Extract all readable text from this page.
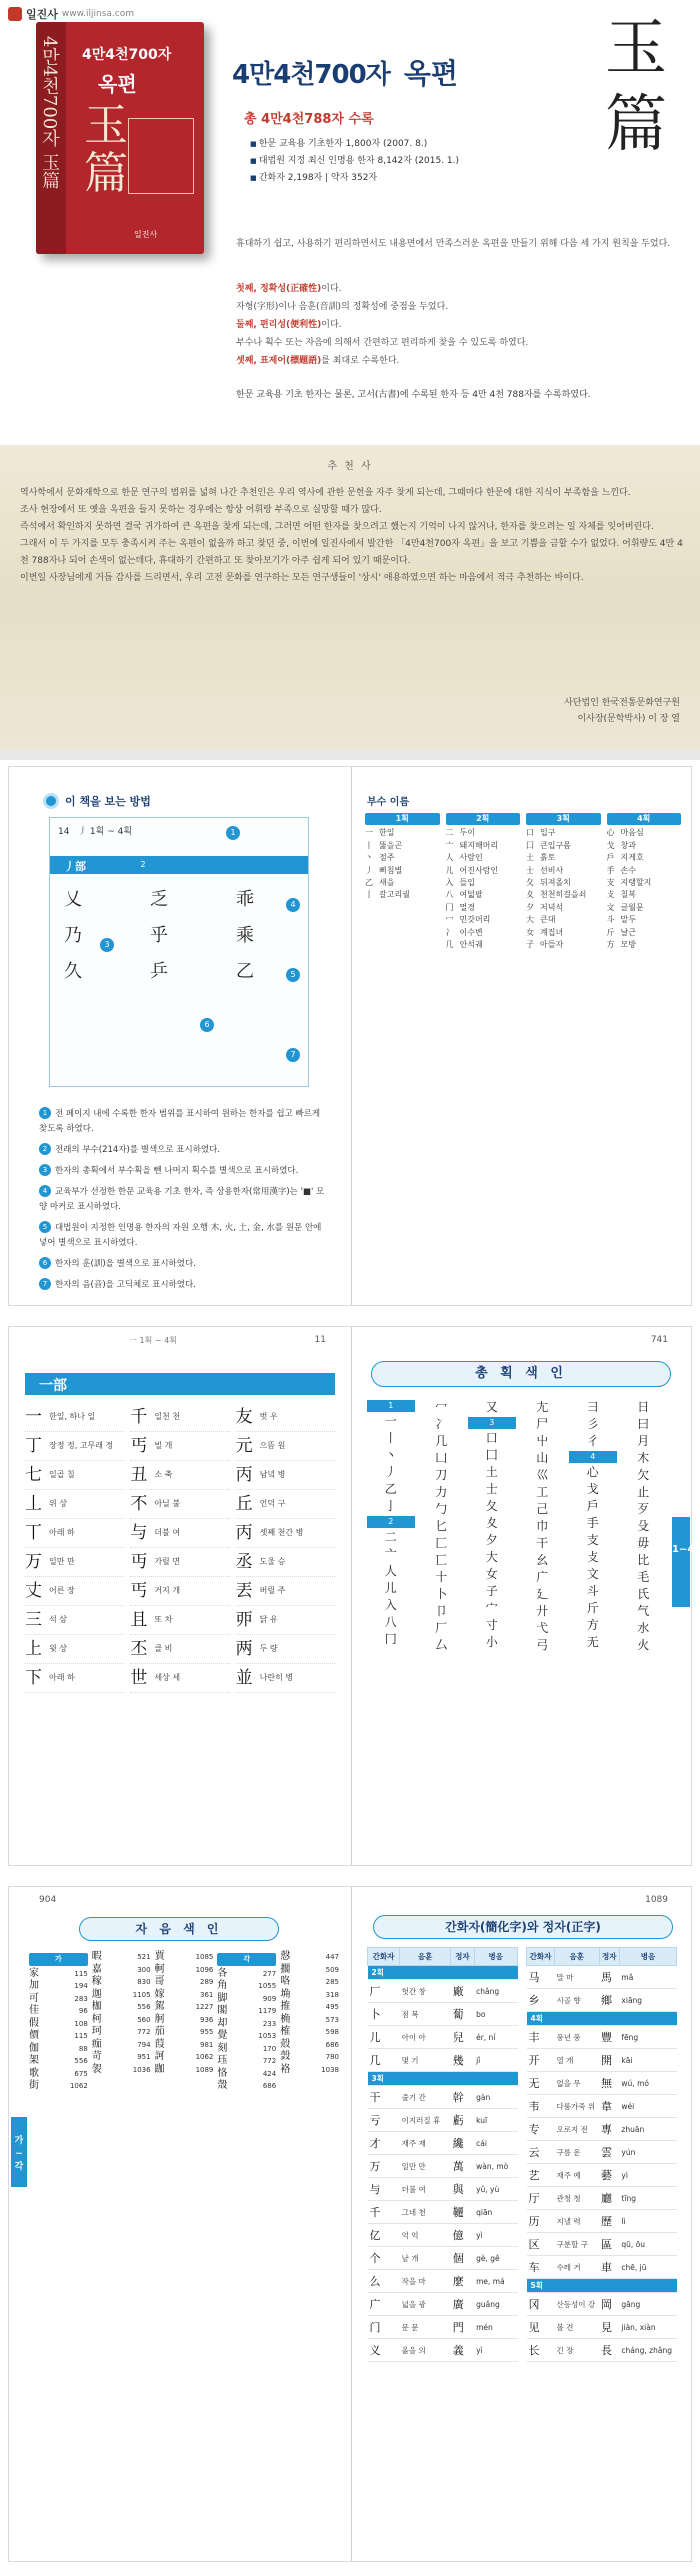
일진사 www.iljinsa.com
4만4천700자 玉篇 4만4천700자
옥편
玉篇
일진사
4만4천700자 옥편 玉篇
총 4만4천788자 수록
■ 한문 교육용 기초한자 1,800자 (2007. 8.)
■ 대법원 지정 최신 인명용 한자 8,142자 (2015. 1.)
■ 간화자 2,198자 | 약자 352자

휴대하기 쉽고, 사용하기 편리하면서도 내용면에서 만족스러운 옥편을 만들기 위해 다음 세 가지 원칙을 두었다.

첫째, 정확성(正確性)이다.
자형(字形)이나 음훈(音訓)의 정확성에 중점을 두었다.
둘째, 편리성(便利性)이다.
부수나 획수 또는 자음에 의해서 간편하고 편리하게 찾을 수 있도록 하였다.
셋째, 표제어(標題語)를 최대로 수록한다.

한문 교육용 기초 한자는 물론, 고서(古書)에 수록된 한자 등 4만 4천 788자를 수록하였다.

추 천 사

역사학에서 문화재학으로 한문 연구의 범위를 넓혀 나간 추천인은 우리 역사에 관한 문헌을 자주 찾게 되는데, 그때마다 한문에 대한 지식이 부족함을 느낀다.

조사 현장에서 또 옛을 옥편을 들지 못하는 경우에는 항상 어휘랑 부족으로 실망할 때가 많다.

즉석에서 확인하지 못하면 결국 귀가하여 큰 옥편을 찾게 되는데, 그러면 어떤 한자를 찾으려고 했는지 기억이 나지 않거나, 한자를 찾으려는 일 자체를 잊어버린다.

그래서 이 두 가지를 모두 충족시켜 주는 옥편이 없을까 하고 찾던 중, 이번에 일진사에서 발간한 「4만4천700자 옥편」을 보고 기쁨을 금할 수가 없었다. 어휘량도 4만 4천 788자나 되어 손색이 없는데다, 휴대하기 간편하고 또 찾아보기가 아주 쉽게 되어 있기 때문이다.

이번일 사장님에게 거듭 감사를 드리면서, 우리 고전 문화를 연구하는 모든 연구생들이 '상시' 애용하였으면 하는 마음에서 적극 추천하는 바이다.

사단법인 한국전통문화연구원
이사장(문학박사) 이 장 열
이 책을 보는 방법
14 丿 1획 ~ 4획
丿部
乂
乃
久
乏
乎
乒
乖
乘
乙
1
2
3
4
5
6
7
1 전 페이지 내에 수록한 한자 범위를 표시하여 원하는 한자를 쉽고 빠르게 찾도록 하였다.
2 전래의 부수(214자)를 별색으로 표시하였다.
3 한자의 총획에서 부수획을 뺀 나머지 획수를 별색으로 표시하였다.
4 교육부가 선정한 한문 교육용 기초 한자, 즉 상용한자(常用漢字)는 '■' 모양 마커로 표시하였다.
5 대법원이 지정한 인명용 한자의 자원 오행 木, 火, 土, 金, 水를 원문 안에 넣어 별색으로 표시하였다.
6 한자의 훈(訓)을 별색으로 표시하였다.
7 한자의 음(音)을 고딕체로 표시하였다.
부수 이름
1획
一 한일
丨 뚫을곤
丶 점주
丿 삐침별
乙 새을
亅 갈고리궐
2획
二 두이
亠 돼지해머리
人 사람인
儿 어진사람인
入 들입
八 여덟팔
冂 멀경
冖 민갓머리
冫 이수변
几 안석궤
3획
口 입구
囗 큰입구몸
土 흙토
士 선비사
夂 뒤져올치
夊 천천히걸을쇠
夕 저녁석
大 큰대
女 계집녀
子 아들자
4획
心 마음심
戈 창과
戶 지게호
手 손수
支 지탱할지
攴 칠복
文 글월문
斗 말두
斤 날근
方 모방
一 1획 ~ 4획	11
一部
一 한일, 하나 일
丁 장정 정, 고무래 정
七 일곱 칠
丄 위 상
丅 아래 하
万 일만 만
丈 어른 장
三 석 삼
上 윗 상
下 아래 하
千 일천 천
丐 빌 개
丑 소 축
不 아닐 불
与 더불 여
丏 가릴 면
丐 거지 개
且 또 차
丕 클 비
世 세상 세
友 벗 우
元 으뜸 원
丙 남녘 병
丘 언덕 구
丙 셋째 천간 병
丞 도울 승
丟 버릴 주
丣 닭 유
两 두 량
並 나란히 병
741
총 획 색 인
1
一
丨
丶
丿
乙
亅
2
二
亠
人
儿
入
八
冂
冖
冫
几
凵
刀
力
勹
匕
匚
匸
十
卜
卩
厂
厶
又
3
口
囗
土
士
夂
夊
夕
大
女
子
宀
寸
小
尢
尸
屮
山
巛
工
己
巾
干
幺
广
廴
廾
弋
弓
彐
彡
彳
4
心
戈
戶
手
支
攴
文
斗
斤
方
无
日
曰
月
木
欠
止
歹
殳
毋
比
毛
氏
气
水
火
1~4
904
자 음 색 인
가
家	115
加	194
可	283
佳	96
假	108
價	115
伽	88
架	556
歌	675
街	1062
暇	521
嘉	300
稼	830
迦	1105
枷	556
柯	560
珂	772
痂	794
苛	951
袈	1036
賈	1085
軻	1096
哥	289
嫁	361
駕	1227
舸	936
茄	955
葭	981
訶	1062
跏	1089
각
各	277
角	1055
脚	909
閣	1179
却	233
覺	1053
刻	170
珏	772
恪	424
殼	686
慤	447
擱	509
咯	285
埆	318
搉	495
桷	573
榷	598
殻	686
瑴	780
袼	1038
가~각
1089
간화자(簡化字)와 정자(正字)
간화자	음훈	정자	병음
2획			
厂	헛간 창	廠	chǎng
卜	점 복	蔔	bo
儿	아이 아	兒	ér, ní
几	몇 기	幾	jǐ
3획			
干	줄기 간	幹	gàn
亏	이지러질 휴	虧	kuī
才	재주 재	纔	cái
万	일만 만	萬	wàn, mò
与	더불 여	與	yǔ, yù
千	그네 천	韆	qiān
亿	억 억	億	yì
个	낱 개	個	gè, gě
么	작을 마	麼	me, má
广	넓을 광	廣	guǎng
门	문 문	門	mén
义	옳을 의	義	yì
간화자	음훈	정자	병음
马	말 마	馬	mǎ
乡	시골 향	鄉	xiāng
4획			
丰	풍년 풍	豐	fēng
开	열 개	開	kāi
无	없을 무	無	wú, mó
韦	다룸가죽 위	韋	wéi
专	오로지 전	專	zhuān
云	구름 운	雲	yún
艺	재주 예	藝	yì
厅	관청 청	廳	tīng
历	지낼 력	歷	lì
区	구분할 구	區	qū, ōu
车	수레 거	車	chē, jū
5획			
冈	산등성이 강	岡	gāng
见	볼 견	見	jiàn, xiàn
长	긴 장	長	cháng, zhǎng
